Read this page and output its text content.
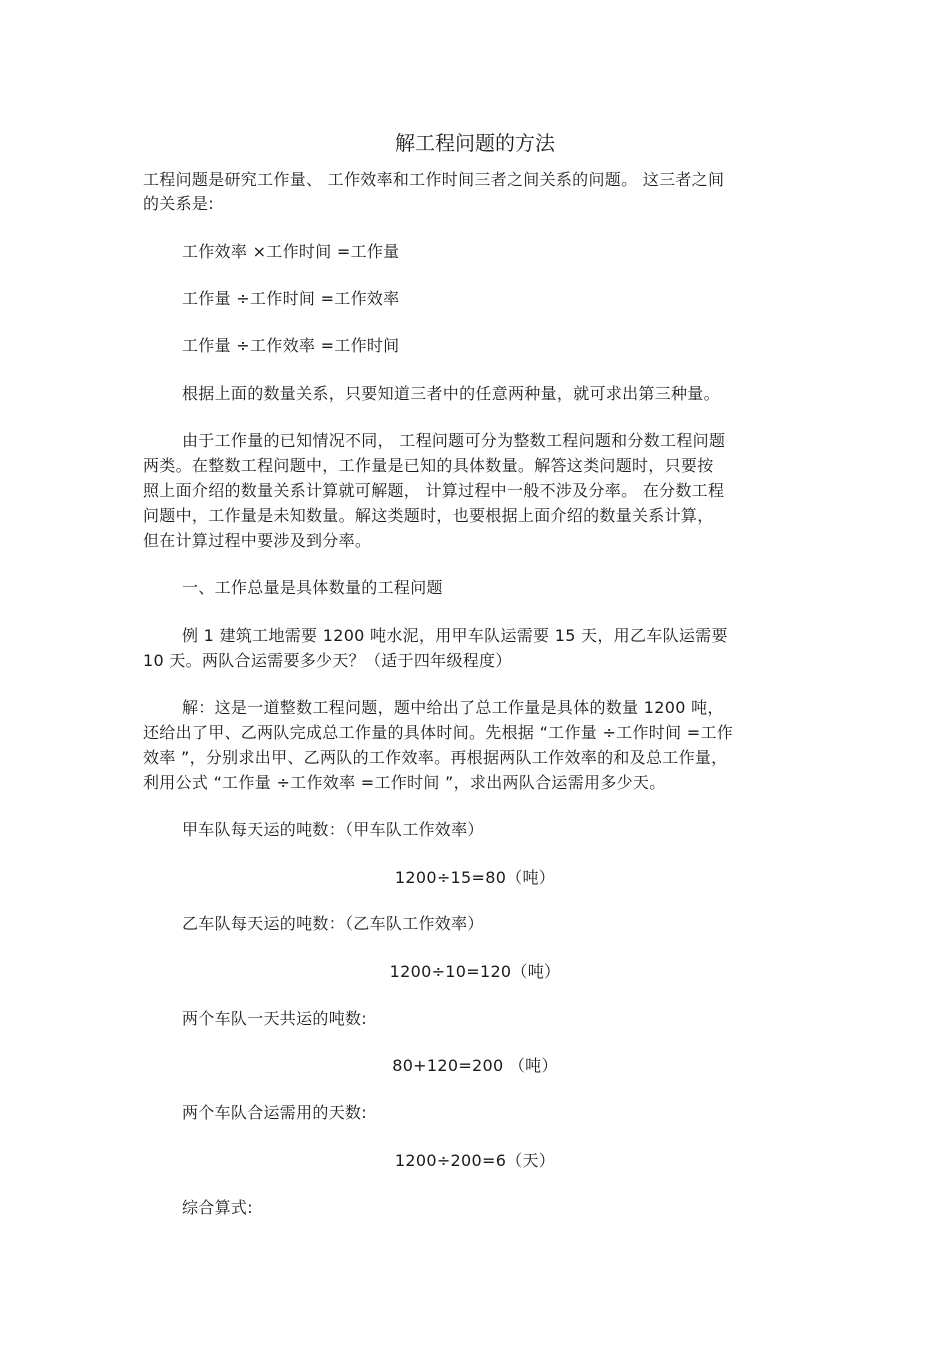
解工程问题的方法
工程问题是研究工作量、 工作效率和工作时间三者之间关系的问题。 这三者之间
的关系是:
工作效率 ×工作时间 =工作量
工作量 ÷工作时间 =工作效率
工作量 ÷工作效率 =工作时间
根据上面的数量关系，只要知道三者中的任意两种量，就可求出第三种量。
由于工作量的已知情况不同， 工程问题可分为整数工程问题和分数工程问题
两类。在整数工程问题中，工作量是已知的具体数量。解答这类问题时，只要按
照上面介绍的数量关系计算就可解题， 计算过程中一般不涉及分率。 在分数工程
问题中，工作量是未知数量。解这类题时，也要根据上面介绍的数量关系计算，
但在计算过程中要涉及到分率。
一、工作总量是具体数量的工程问题
例 1 建筑工地需要 1200 吨水泥，用甲车队运需要 15 天，用乙车队运需要
10 天。两队合运需要多少天？（适于四年级程度）
解：这是一道整数工程问题，题中给出了总工作量是具体的数量 1200 吨，
还给出了甲、乙两队完成总工作量的具体时间。先根据 “工作量 ÷工作时间 =工作
效率 ”，分别求出甲、乙两队的工作效率。再根据两队工作效率的和及总工作量，
利用公式 “工作量 ÷工作效率 =工作时间 ”，求出两队合运需用多少天。
甲车队每天运的吨数：（甲车队工作效率）
1200÷15=80（吨）
乙车队每天运的吨数：（乙车队工作效率）
1200÷10=120（吨）
两个车队一天共运的吨数:
80+120=200 （吨）
两个车队合运需用的天数:
1200÷200=6（天）
综合算式:
